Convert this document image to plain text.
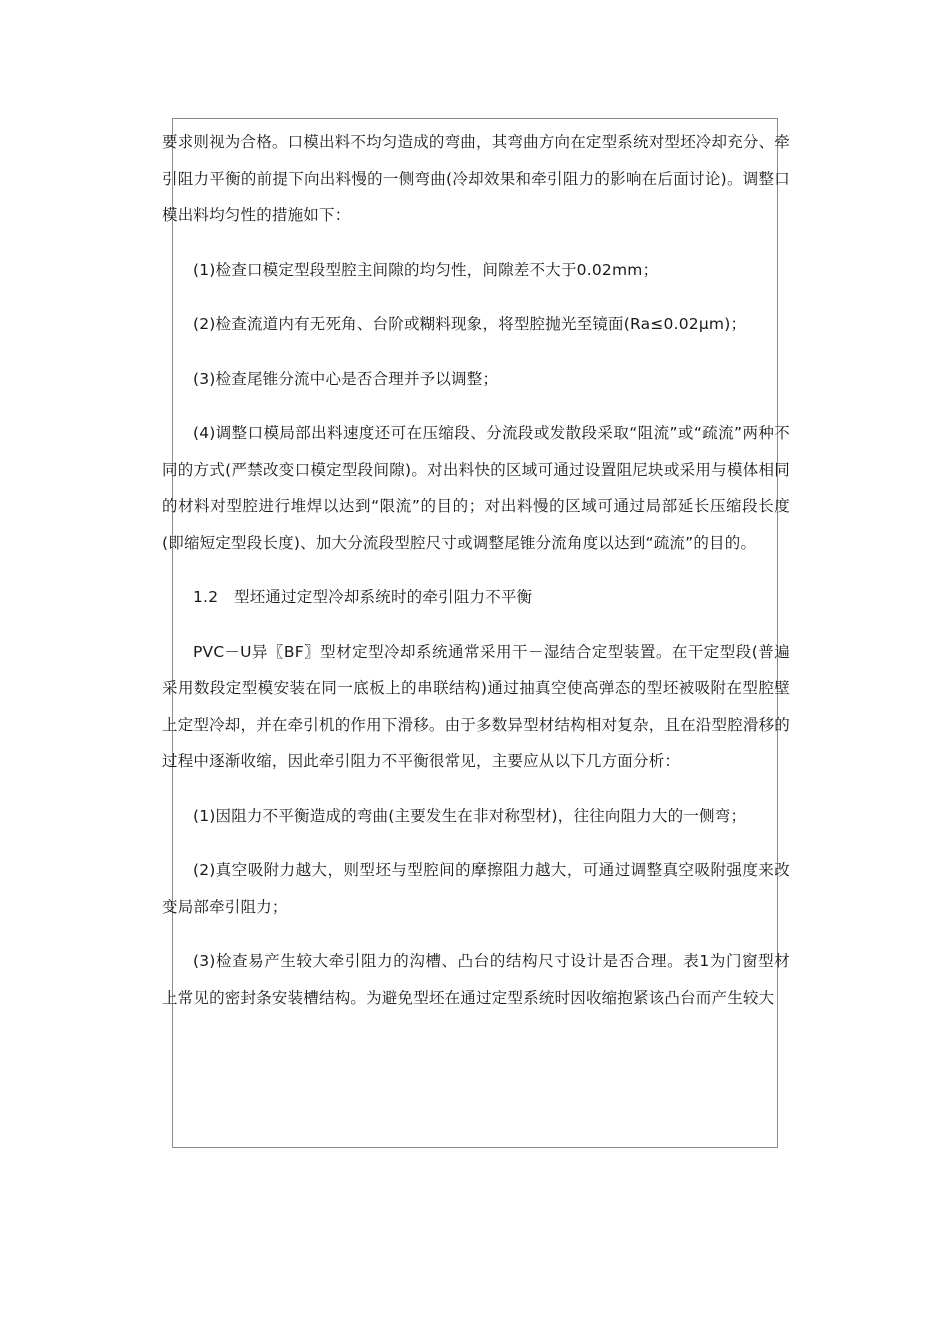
要求则视为合格。口模出料不均匀造成的弯曲，其弯曲方向在定型系统对型坯冷却充分、牵引阻力平衡的前提下向出料慢的一侧弯曲(冷却效果和牵引阻力的影响在后面讨论)。调整口模出料均匀性的措施如下：

(1)检查口模定型段型腔主间隙的均匀性，间隙差不大于0.02mm；

(2)检查流道内有无死角、台阶或糊料现象，将型腔抛光至镜面(Ra≤0.02μm)；

(3)检查尾锥分流中心是否合理并予以调整；

(4)调整口模局部出料速度还可在压缩段、分流段或发散段采取“阻流”或“疏流”两种不同的方式(严禁改变口模定型段间隙)。对出料快的区域可通过设置阻尼块或采用与模体相同的材料对型腔进行堆焊以达到“限流”的目的；对出料慢的区域可通过局部延长压缩段长度(即缩短定型段长度)、加大分流段型腔尺寸或调整尾锥分流角度以达到“疏流”的目的。

1.2　型坯通过定型冷却系统时的牵引阻力不平衡

PVC－U异〖BF〗型材定型冷却系统通常采用干－湿结合定型装置。在干定型段(普遍采用数段定型模安装在同一底板上的串联结构)通过抽真空使高弹态的型坯被吸附在型腔壁上定型冷却，并在牵引机的作用下滑移。由于多数异型材结构相对复杂，且在沿型腔滑移的过程中逐渐收缩，因此牵引阻力不平衡很常见，主要应从以下几方面分析：

(1)因阻力不平衡造成的弯曲(主要发生在非对称型材)，往往向阻力大的一侧弯；

(2)真空吸附力越大，则型坯与型腔间的摩擦阻力越大，可通过调整真空吸附强度来改变局部牵引阻力；

(3)检查易产生较大牵引阻力的沟槽、凸台的结构尺寸设计是否合理。表1为门窗型材上常见的密封条安装槽结构。为避免型坯在通过定型系统时因收缩抱紧该凸台而产生较大
